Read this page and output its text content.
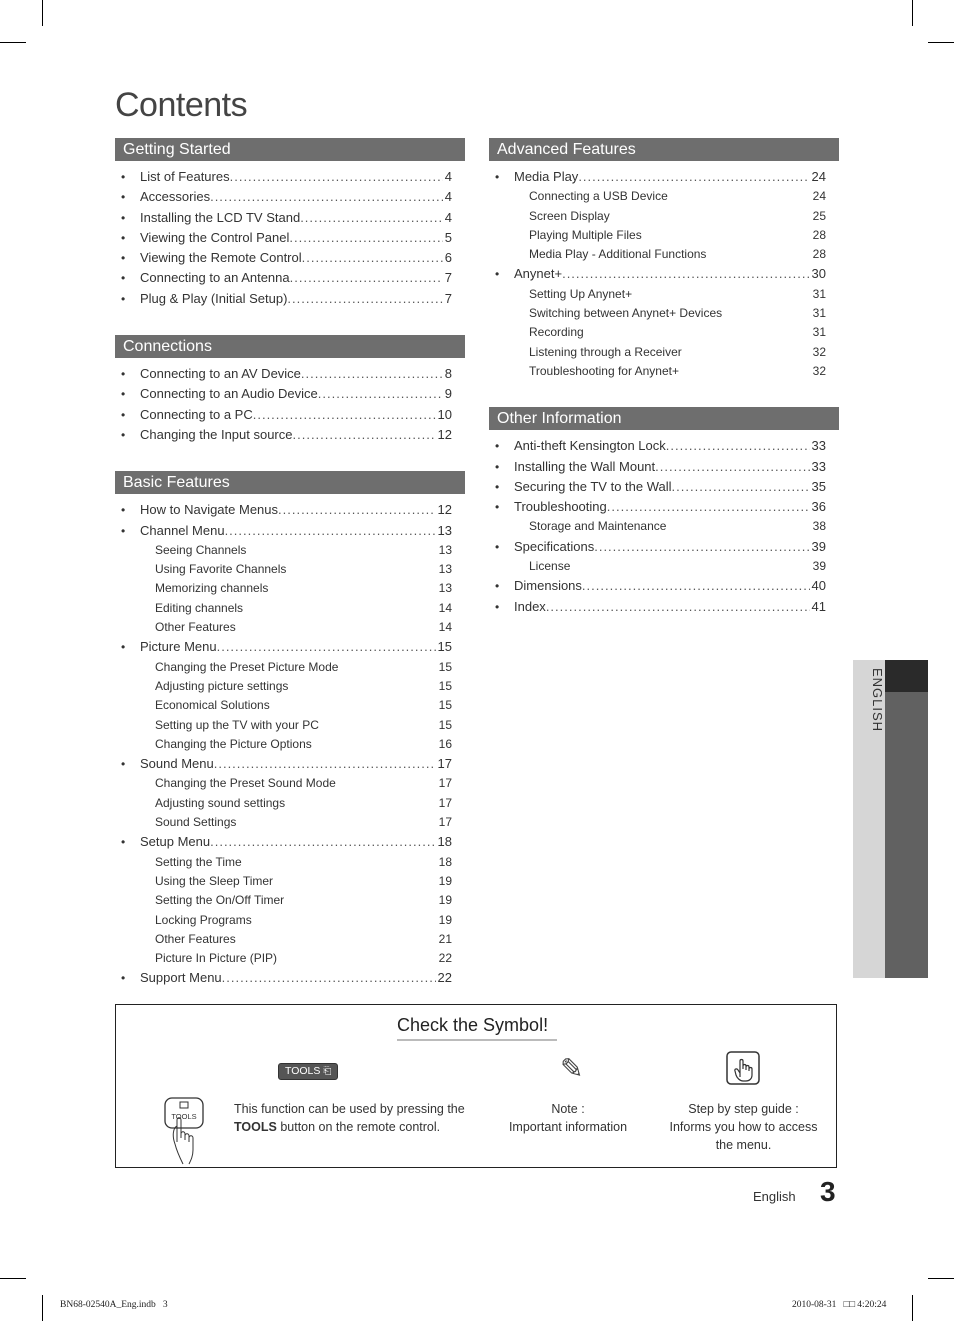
Contents
Getting Started
• List of Features .....	4
• Accessories .....	4
• Installing the LCD TV Stand .....	4
• Viewing the Control Panel .....	5
• Viewing the Remote Control .....	6
• Connecting to an Antenna .....	7
• Plug & Play (Initial Setup) .....	7
Connections
• Connecting to an AV Device .....	8
• Connecting to an Audio Device .....	9
• Connecting to a PC .....	10
• Changing the Input source .....	12
Basic Features
• How to Navigate Menus .....	12
• Channel Menu .....	13
Seeing Channels	13
Using Favorite Channels	13
Memorizing channels	13
Editing channels	14
Other Features	14
• Picture Menu .....	15
Changing the Preset Picture Mode	15
Adjusting picture settings	15
Economical Solutions	15
Setting up the TV with your PC	15
Changing the Picture Options	16
• Sound Menu .....	17
Changing the Preset Sound Mode	17
Adjusting sound settings	17
Sound Settings	17
• Setup Menu .....	18
Setting the Time	18
Using the Sleep Timer	19
Setting the On/Off Timer	19
Locking Programs	19
Other Features	21
Picture In Picture (PIP)	22
• Support Menu .....	22
Advanced Features
• Media Play .....	24
Connecting a USB Device	24
Screen Display	25
Playing Multiple Files	28
Media Play - Additional Functions	28
• Anynet+ .....	30
Setting Up Anynet+	31
Switching between Anynet+ Devices	31
Recording	31
Listening through a Receiver	32
Troubleshooting for Anynet+	32
Other Information
• Anti-theft Kensington Lock .....	33
• Installing the Wall Mount .....	33
• Securing the TV to the Wall .....	35
• Troubleshooting .....	36
Storage and Maintenance	38
• Specifications .....	39
License	39
• Dimensions .....	40
• Index .....	41
ENGLISH
Check the Symbol!
TOOLS ⎗
TOOLS
This function can be used by pressing the
TOOLS button on the remote control.
✎
Note :
Important information
Step by step guide :
Informs you how to access
the menu.
English 3
BN68-02540A_Eng.indb   3	2010-08-31   □□ 4:20:24
